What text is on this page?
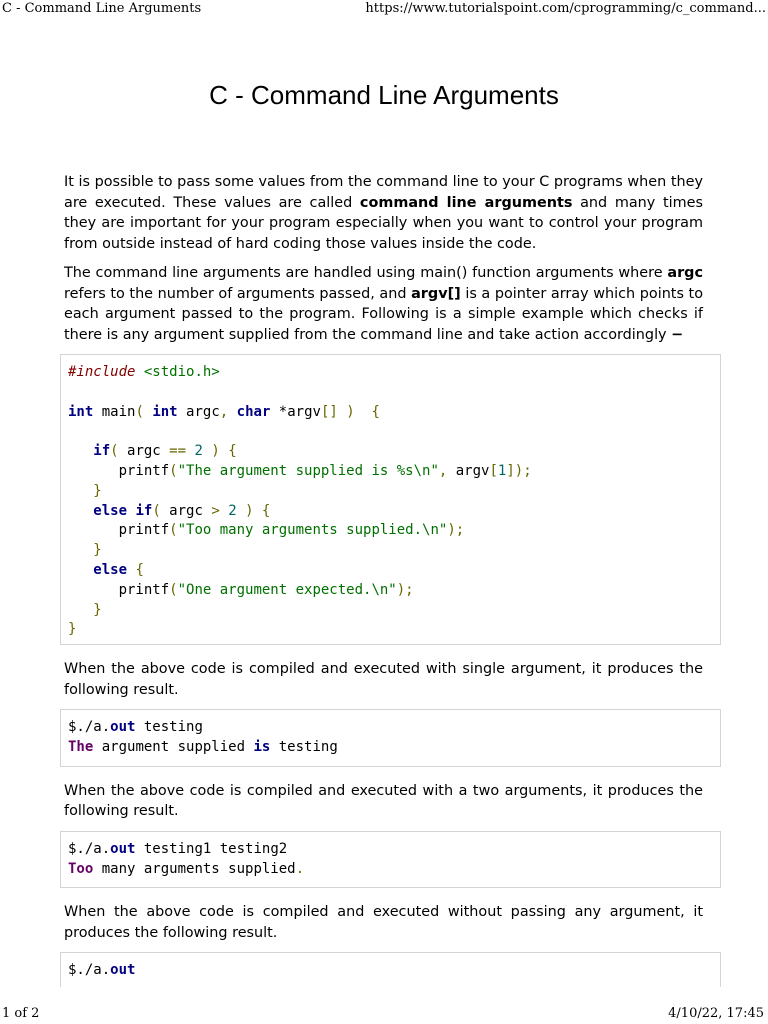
C - Command Line Arguments	https://www.tutorialspoint.com/cprogramming/c_command...
C - Command Line Arguments

It is possible to pass some values from the command line to your C programs when they are executed. These values are called command line arguments and many times they are important for your program especially when you want to control your program from outside instead of hard coding those values inside the code.

The command line arguments are handled using main() function arguments where argc refers to the number of arguments passed, and argv[] is a pointer array which points to each argument passed to the program. Following is a simple example which checks if there is any argument supplied from the command line and take action accordingly −

#include <stdio.h>
int main( int argc, char *argv[] ) {
if( argc == 2 ) {
printf("The argument supplied is %s\n", argv[1]);
}
else if( argc > 2 ) {
printf("Too many arguments supplied.\n");
}
else {
printf("One argument expected.\n");
}
}

When the above code is compiled and executed with single argument, it produces the following result.

$./a.out testing
The argument supplied is testing

When the above code is compiled and executed with a two arguments, it produces the following result.

$./a.out testing1 testing2
Too many arguments supplied.

When the above code is compiled and executed without passing any argument, it produces the following result.

$./a.out
1 of 2	4/10/22, 17:45
